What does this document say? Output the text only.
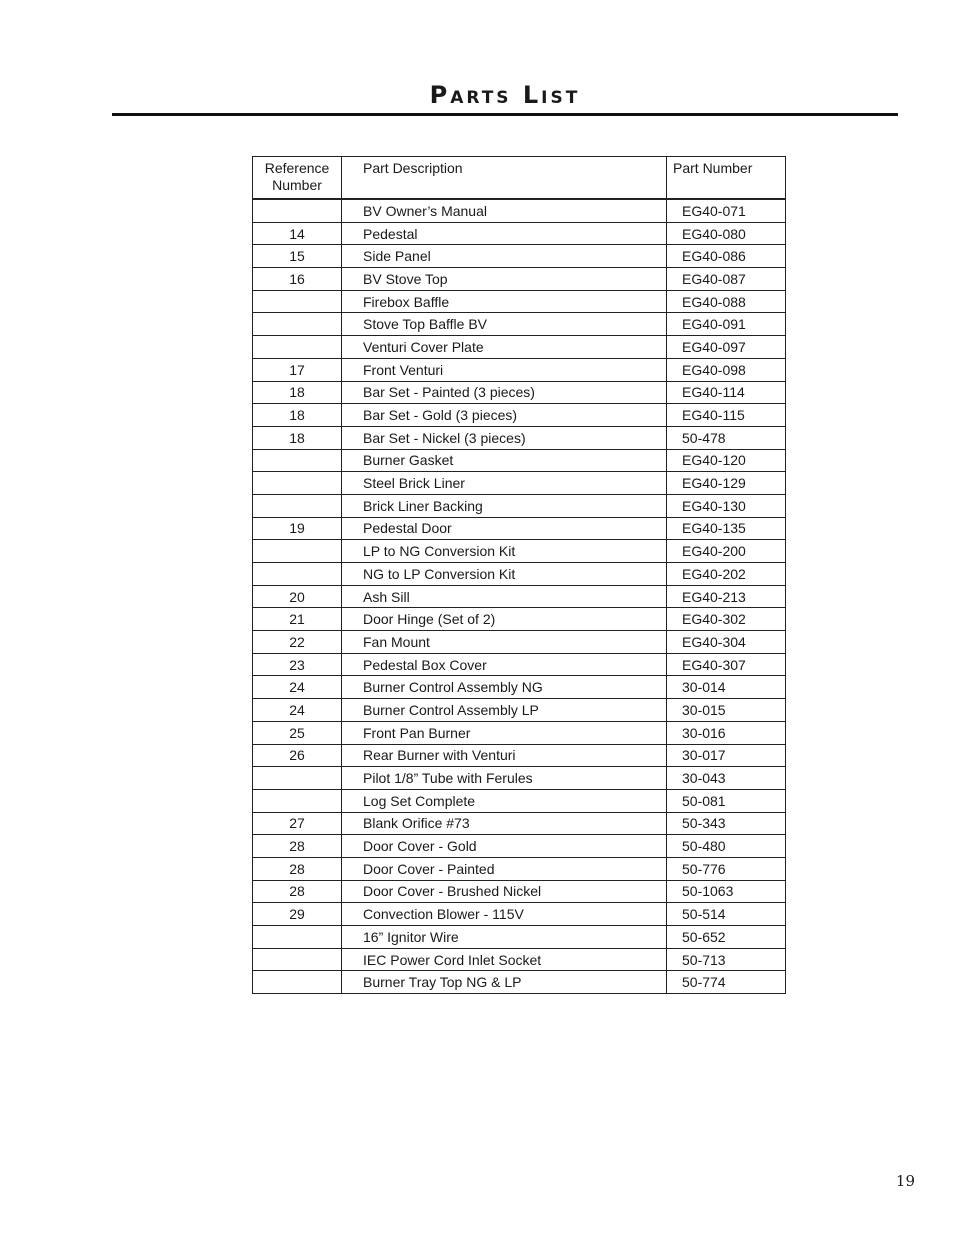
Parts List
Reference Number	Part Description	Part Number
	BV Owner’s Manual	EG40-071
14	Pedestal	EG40-080
15	Side Panel	EG40-086
16	BV Stove Top	EG40-087
	Firebox Baffle	EG40-088
	Stove Top Baffle BV	EG40-091
	Venturi Cover Plate	EG40-097
17	Front Venturi	EG40-098
18	Bar Set - Painted (3 pieces)	EG40-114
18	Bar Set - Gold (3 pieces)	EG40-115
18	Bar Set - Nickel (3 pieces)	50-478
	Burner Gasket	EG40-120
	Steel Brick Liner	EG40-129
	Brick Liner Backing	EG40-130
19	Pedestal Door	EG40-135
	LP to NG Conversion Kit	EG40-200
	NG to LP Conversion Kit	EG40-202
20	Ash Sill	EG40-213
21	Door Hinge (Set of 2)	EG40-302
22	Fan Mount	EG40-304
23	Pedestal Box Cover	EG40-307
24	Burner Control Assembly NG	30-014
24	Burner Control Assembly LP	30-015
25	Front Pan Burner	30-016
26	Rear Burner with Venturi	30-017
	Pilot 1/8” Tube with Ferules	30-043
	Log Set Complete	50-081
27	Blank Orifice #73	50-343
28	Door Cover - Gold	50-480
28	Door Cover - Painted	50-776
28	Door Cover - Brushed Nickel	50-1063
29	Convection Blower - 115V	50-514
	16” Ignitor Wire	50-652
	IEC Power Cord Inlet Socket	50-713
	Burner Tray Top NG & LP	50-774
19
